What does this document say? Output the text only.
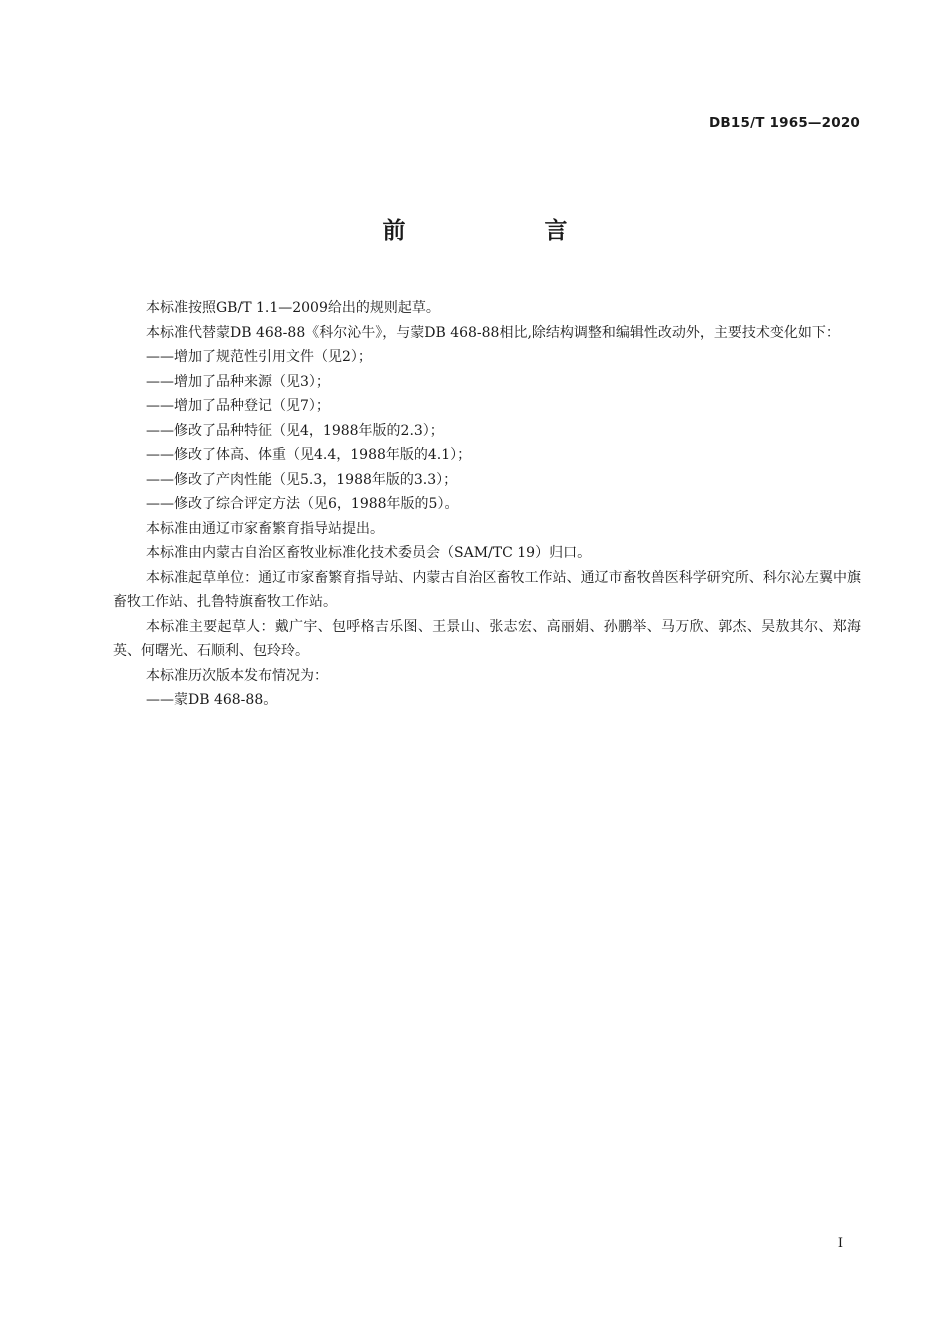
DB15/T 1965—2020
前　言

本标准按照GB/T 1.1—2009给出的规则起草。

本标准代替蒙DB 468-88《科尔沁牛》，与蒙DB 468-88相比,除结构调整和编辑性改动外，主要技术变化如下：

——增加了规范性引用文件（见2）；

——增加了品种来源（见3）；

——增加了品种登记（见7）；

——修改了品种特征（见4，1988年版的2.3）；

——修改了体高、体重（见4.4，1988年版的4.1）；

——修改了产肉性能（见5.3，1988年版的3.3）；

——修改了综合评定方法（见6，1988年版的5）。

本标准由通辽市家畜繁育指导站提出。

本标准由内蒙古自治区畜牧业标准化技术委员会（SAM/TC 19）归口。

本标准起草单位：通辽市家畜繁育指导站、内蒙古自治区畜牧工作站、通辽市畜牧兽医科学研究所、科尔沁左翼中旗畜牧工作站、扎鲁特旗畜牧工作站。

本标准主要起草人：戴广宇、包呼格吉乐图、王景山、张志宏、高丽娟、孙鹏举、马万欣、郭杰、吴敖其尔、郑海英、何曙光、石顺利、包玲玲。

本标准历次版本发布情况为：

——蒙DB 468-88。

I
